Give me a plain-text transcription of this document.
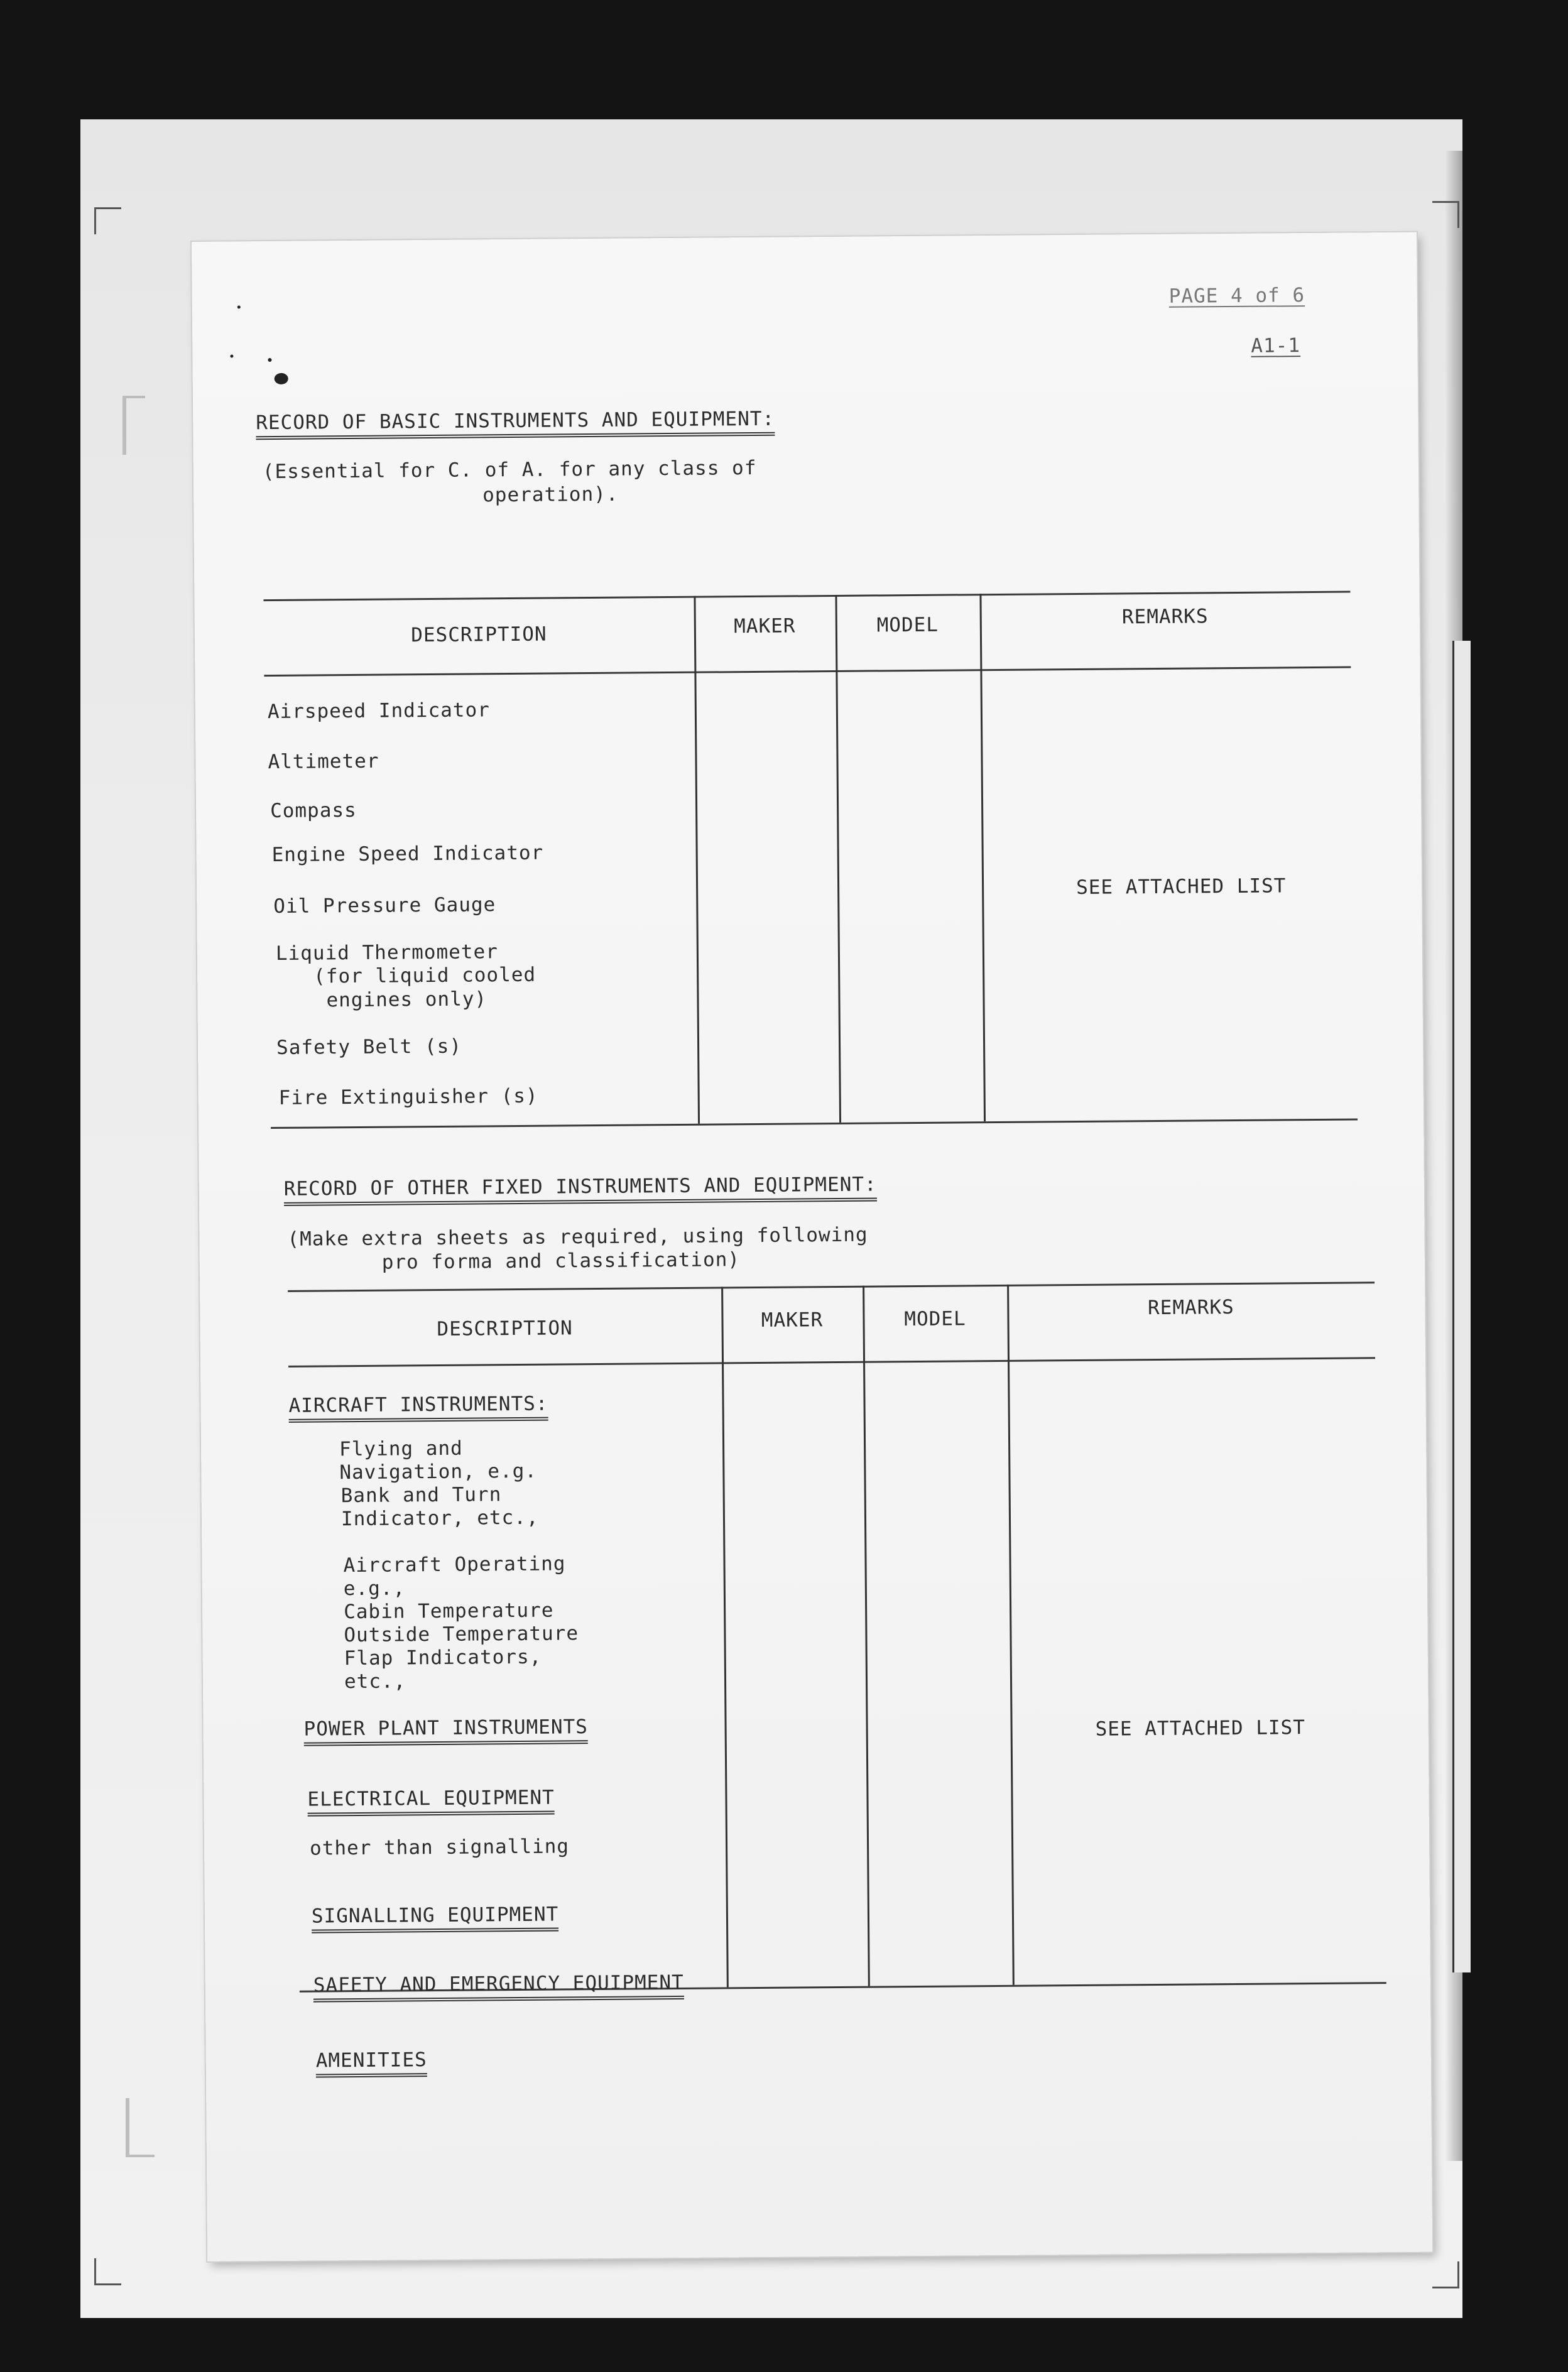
PAGE 4 of 6
A1-1
RECORD OF BASIC INSTRUMENTS AND EQUIPMENT:
(Essential for C. of A. for any class of
operation).
DESCRIPTION	MAKER	MODEL	REMARKS
Airspeed Indicator
Altimeter
Compass
Engine Speed Indicator
Oil Pressure Gauge
Liquid Thermometer
(for liquid cooled
engines only)
Safety Belt (s)
Fire Extinguisher (s)
SEE ATTACHED LIST
RECORD OF OTHER FIXED INSTRUMENTS AND EQUIPMENT:
(Make extra sheets as required, using following
pro forma and classification)
DESCRIPTION	MAKER	MODEL	REMARKS
AIRCRAFT INSTRUMENTS:
Flying and
Navigation, e.g.
Bank and Turn
Indicator, etc.,
Aircraft Operating
e.g.,
Cabin Temperature
Outside Temperature
Flap Indicators,
etc.,
POWER PLANT INSTRUMENTS
ELECTRICAL EQUIPMENT
other than signalling
SIGNALLING EQUIPMENT
SAFETY AND EMERGENCY EQUIPMENT
AMENITIES
SEE ATTACHED LIST
